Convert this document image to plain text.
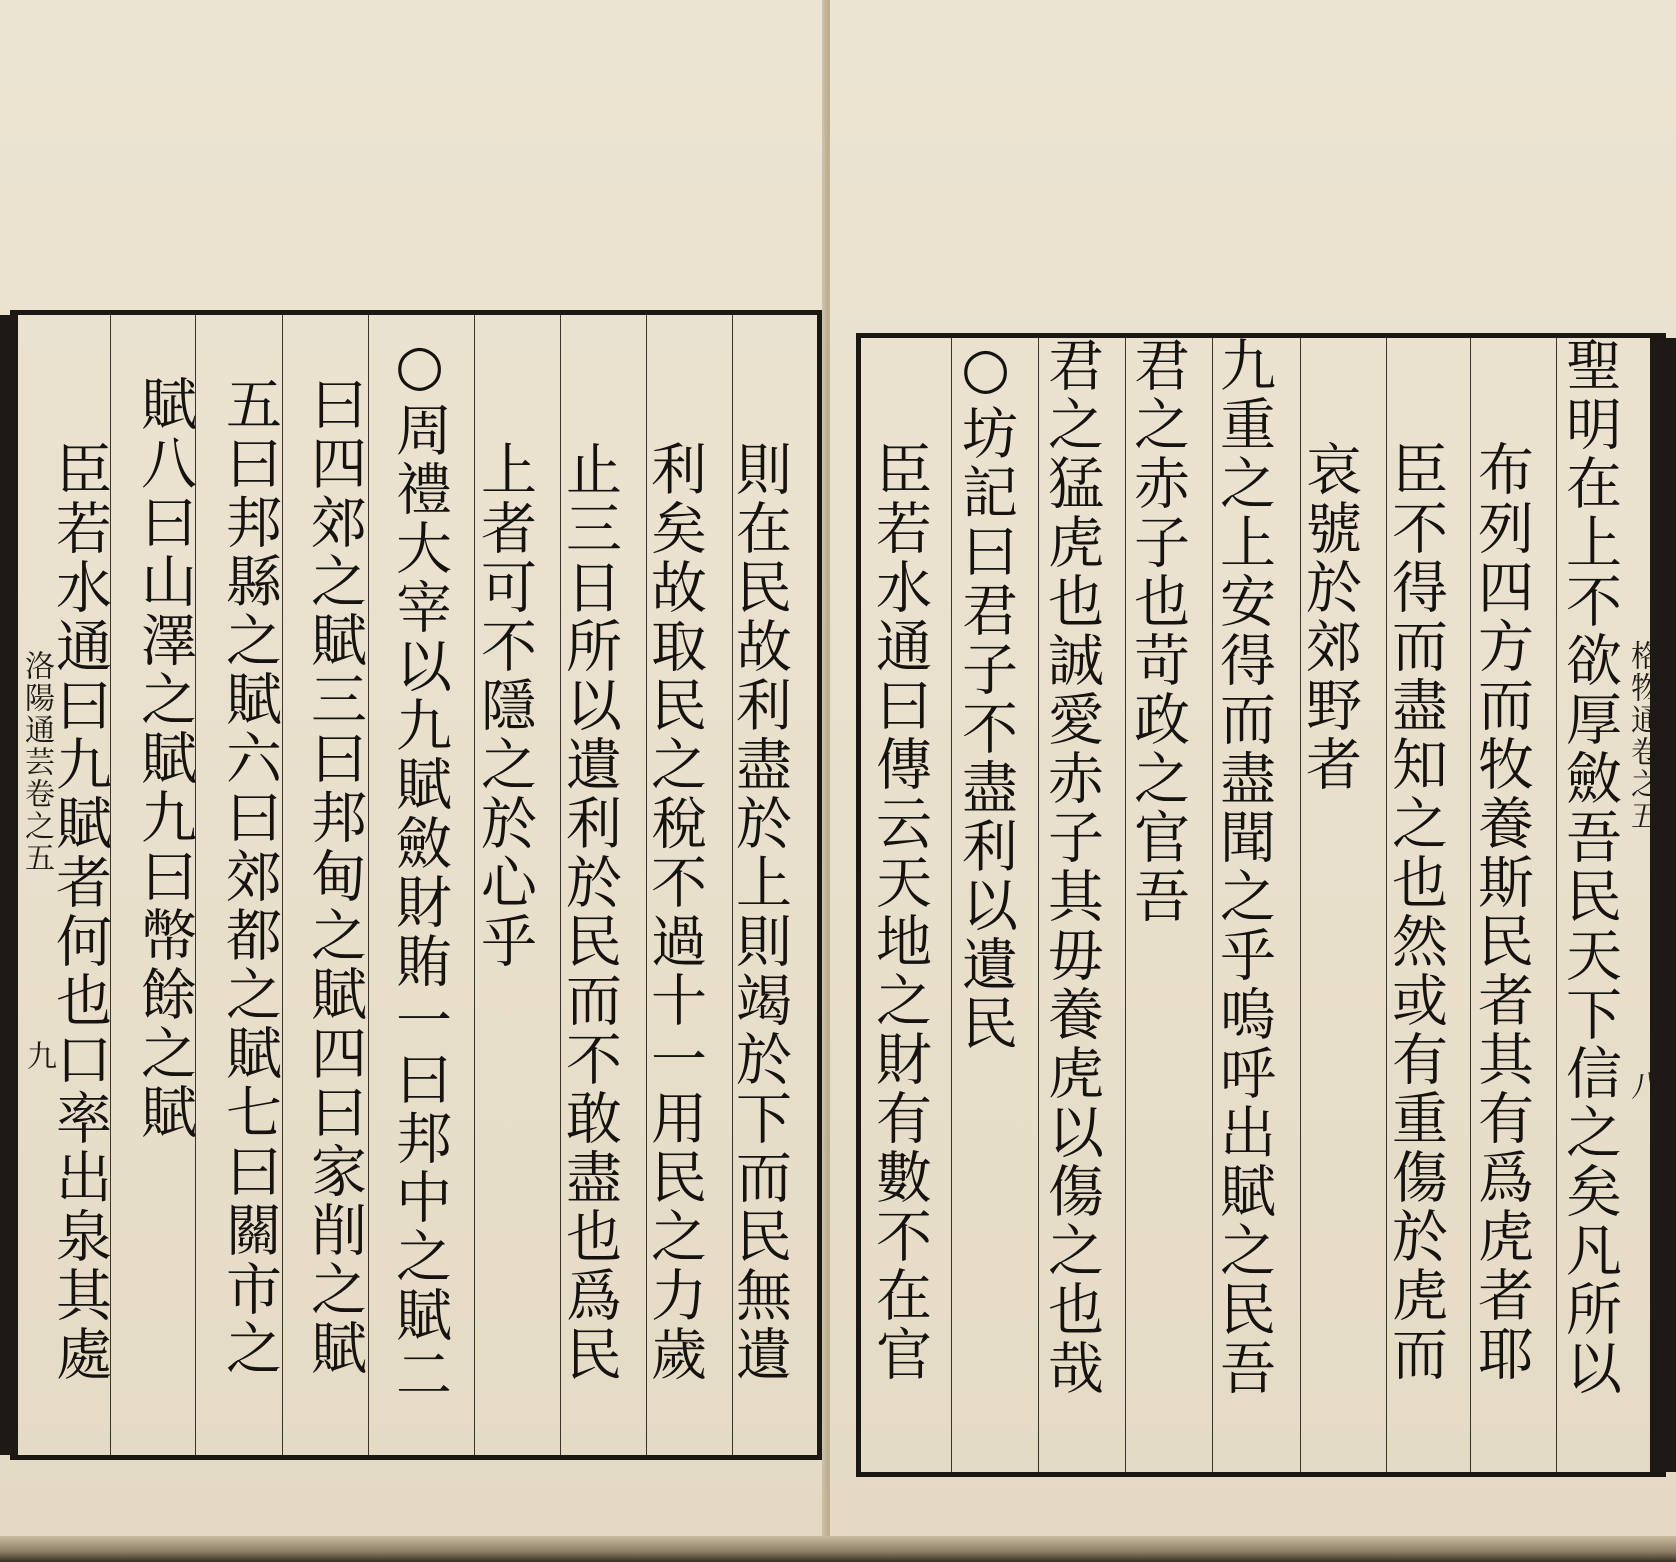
洛陽通芸卷之五
九	則在民故利盡於上則竭於下而民無遺
利矣故取民之稅不過十一用民之力歲
止三日所以遺利於民而不敢盡也爲民
上者可不隱之於心乎
○周禮大宰以九賦斂財賄一曰邦中之賦二
曰四郊之賦三曰邦甸之賦四曰家削之賦
五曰邦縣之賦六曰郊都之賦七曰關市之
賦八曰山澤之賦九曰幣餘之賦
臣若水通曰九賦者何也口率出泉其處	格物通卷之五
八
聖明在上不欲厚斂吾民天下信之矣凡所以
布列四方而牧養斯民者其有爲虎者耶
臣不得而盡知之也然或有重傷於虎而
哀號於郊野者
九重之上安得而盡聞之乎嗚呼出賦之民吾
君之赤子也苛政之官吾
君之猛虎也誠愛赤子其毋養虎以傷之也哉
○坊記曰君子不盡利以遺民
臣若水通曰傳云天地之財有數不在官
